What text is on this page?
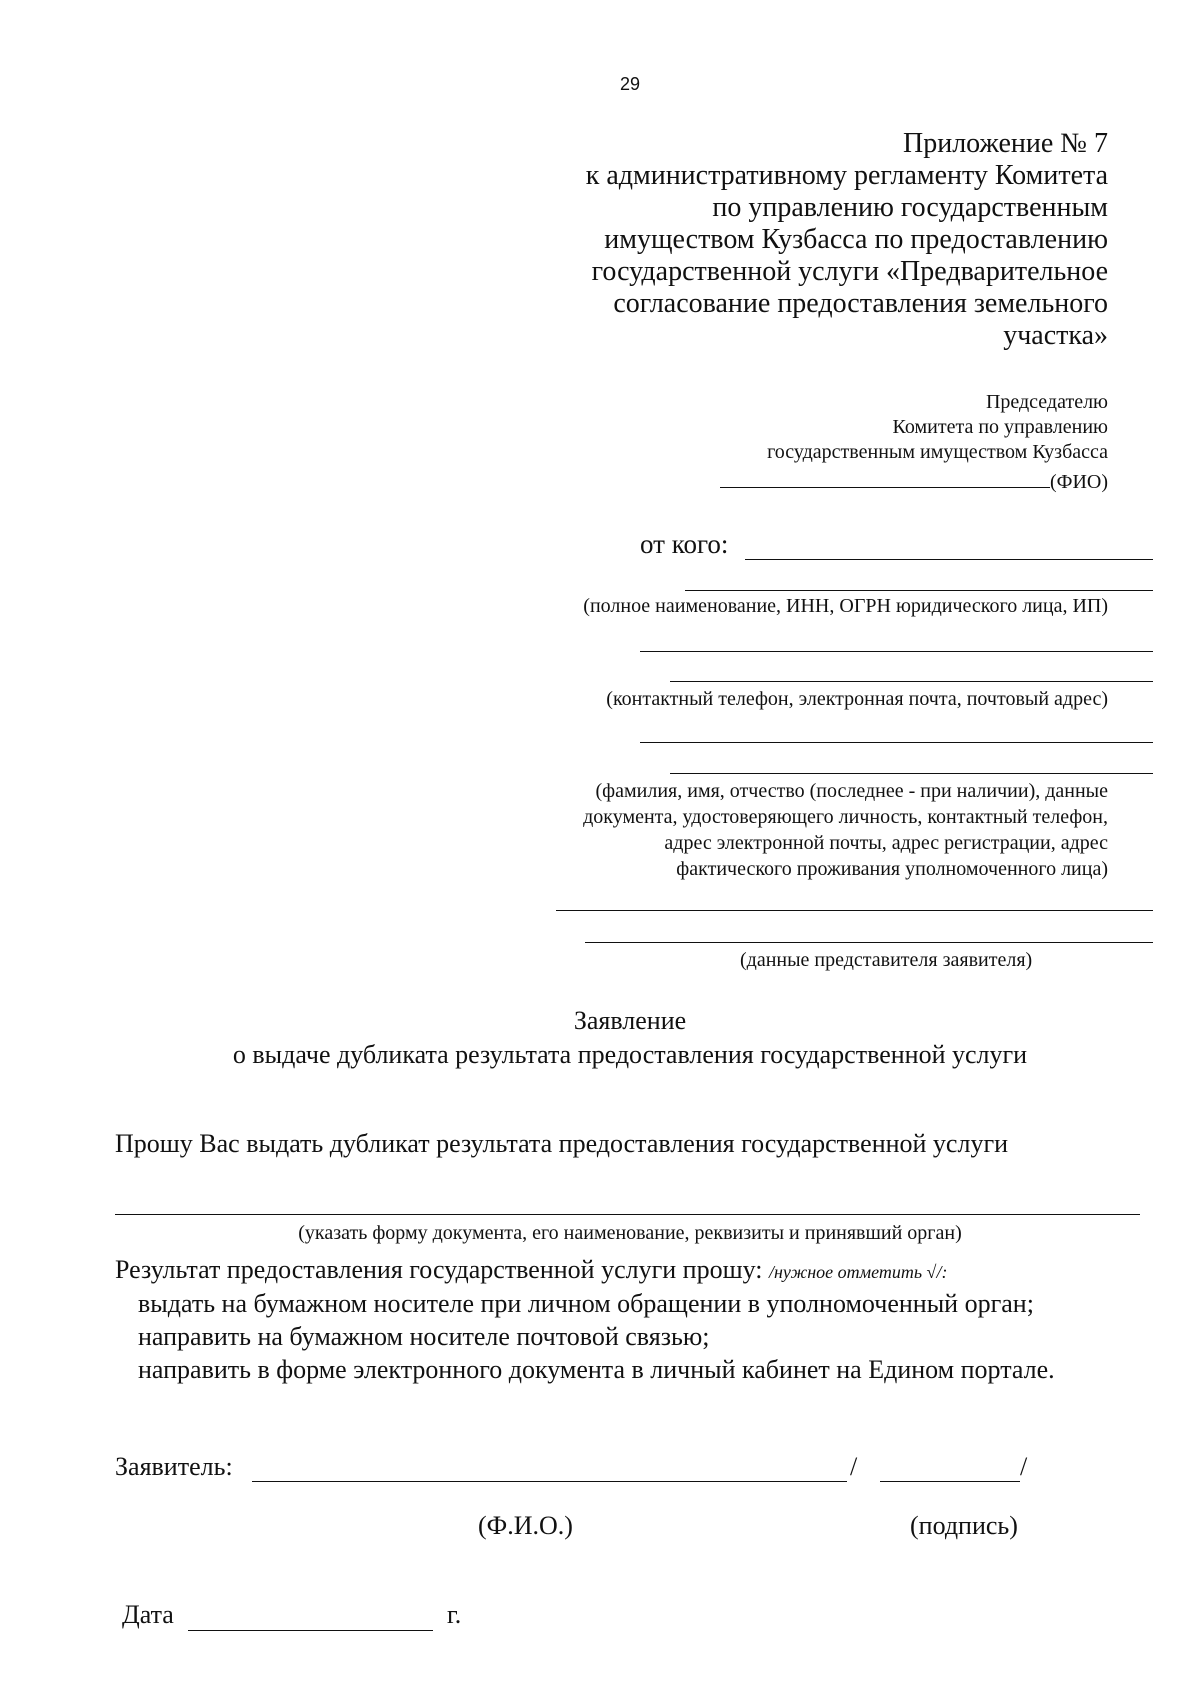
29
Приложение № 7
к административному регламенту Комитета
по управлению государственным
имуществом Кузбасса по предоставлению
государственной услуги «Предварительное
согласование предоставления земельного
участка»
Председателю
Комитета по управлению
государственным имуществом Кузбасса
(ФИО)
от кого:
(полное наименование, ИНН, ОГРН юридического лица, ИП)
(контактный телефон, электронная почта, почтовый адрес)
(фамилия, имя, отчество (последнее - при наличии), данные
документа, удостоверяющего личность, контактный телефон,
адрес электронной почты, адрес регистрации, адрес
фактического проживания уполномоченного лица)
(данные представителя заявителя)
Заявление
о выдаче дубликата результата предоставления государственной услуги
Прошу Вас выдать дубликат результата предоставления государственной услуги
(указать форму документа, его наименование, реквизиты и принявший орган)
Результат предоставления государственной услуги прошу: /нужное отметить √/:
выдать на бумажном носителе при личном обращении в уполномоченный орган;
направить на бумажном носителе почтовой связью;
направить в форме электронного документа в личный кабинет на Едином портале.
Заявитель:	/	/
(Ф.И.О.)	(подпись)
Дата	г.
